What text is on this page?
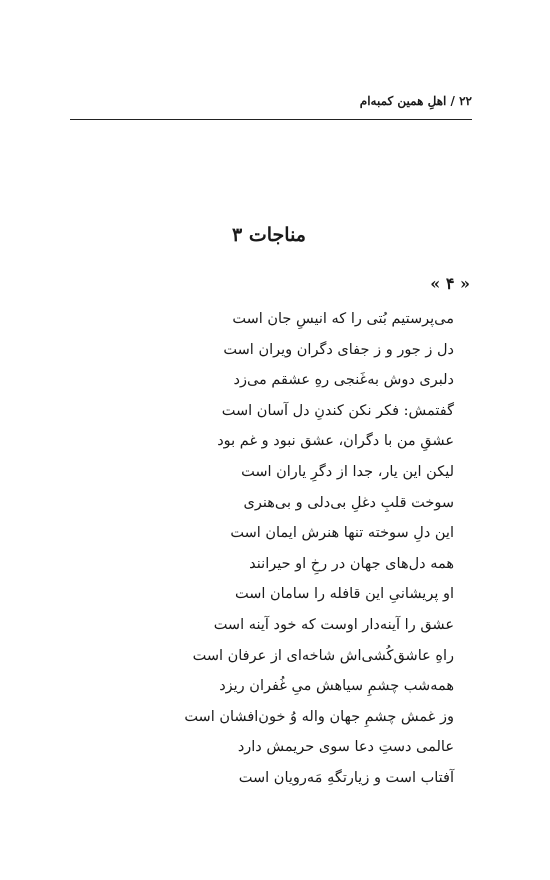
۲۲ / اهلِ همین کمبه‌ام
مناجات ۳
« ۴ »
می‌پرستیم بُتی را که انیسِ جان است
دل ز جور و ز جفای دگران ویران است
دلبری دوش به‌غَنجی رهِ عشقم می‌زد
گفتمش: فکر نکن کندنِ دل آسان است
عشقِ من با دگران، عشق نبود و غم بود
لیکن این یار، جدا از دگرِ یاران است
سوخت قلبِ دغلِ بی‌دلی و بی‌هنری
این دلِ سوخته تنها هنرش ایمان است
همه دل‌های جهان در رخِ او حیرانند
او پریشانیِ این قافله را سامان است
عشق را آینه‌دار اوست که خود آینه است
راهِ عاشق‌کُشی‌اش شاخه‌ای از عرفان است
همه‌شب چشمِ سیاهش میِ غُفران ریزد
وز غمش چشمِ جهان واله وُ خون‌افشان است
عالمی دستِ دعا سوی حریمش دارد
آفتاب است و زیارتگهِ مَه‌رویان است
